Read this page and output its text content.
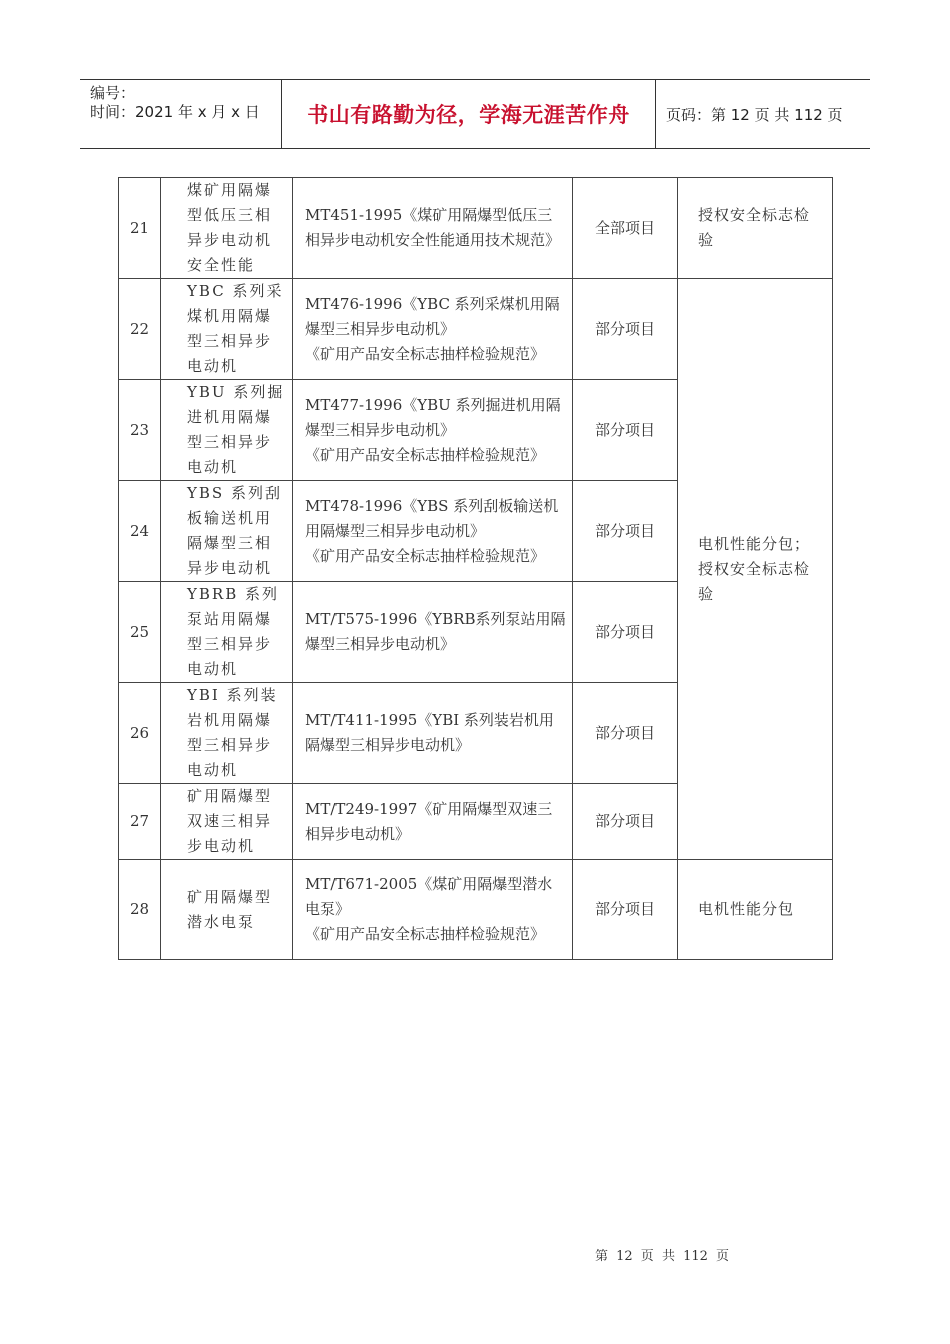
编号：
时间：2021 年 x 月 x 日	书山有路勤为径，学海无涯苦作舟	页码：第 12 页 共 112 页
21	煤矿用隔爆型低压三相异步电动机安全性能	MT451-1995《煤矿用隔爆型低压三相异步电动机安全性能通用技术规范》	全部项目	授权安全标志检验
22	YBC 系列采煤机用隔爆型三相异步电动机	MT476-1996《YBC 系列采煤机用隔爆型三相异步电动机》
《矿用产品安全标志抽样检验规范》	部分项目	电机性能分包；授权安全标志检验
23	YBU 系列掘进机用隔爆型三相异步电动机	MT477-1996《YBU 系列掘进机用隔爆型三相异步电动机》
《矿用产品安全标志抽样检验规范》	部分项目	
24	YBS 系列刮板输送机用隔爆型三相异步电动机	MT478-1996《YBS 系列刮板输送机用隔爆型三相异步电动机》
《矿用产品安全标志抽样检验规范》	部分项目	
25	YBRB 系列泵站用隔爆型三相异步电动机	MT/T575-1996《YBRB系列泵站用隔爆型三相异步电动机》	部分项目	
26	YBI 系列装岩机用隔爆型三相异步电动机	MT/T411-1995《YBI 系列装岩机用隔爆型三相异步电动机》	部分项目	
27	矿用隔爆型双速三相异步电动机	MT/T249-1997《矿用隔爆型双速三相异步电动机》	部分项目	
28	矿用隔爆型潜水电泵	MT/T671-2005《煤矿用隔爆型潜水电泵》
《矿用产品安全标志抽样检验规范》	部分项目	电机性能分包
第 12 页 共 112 页
